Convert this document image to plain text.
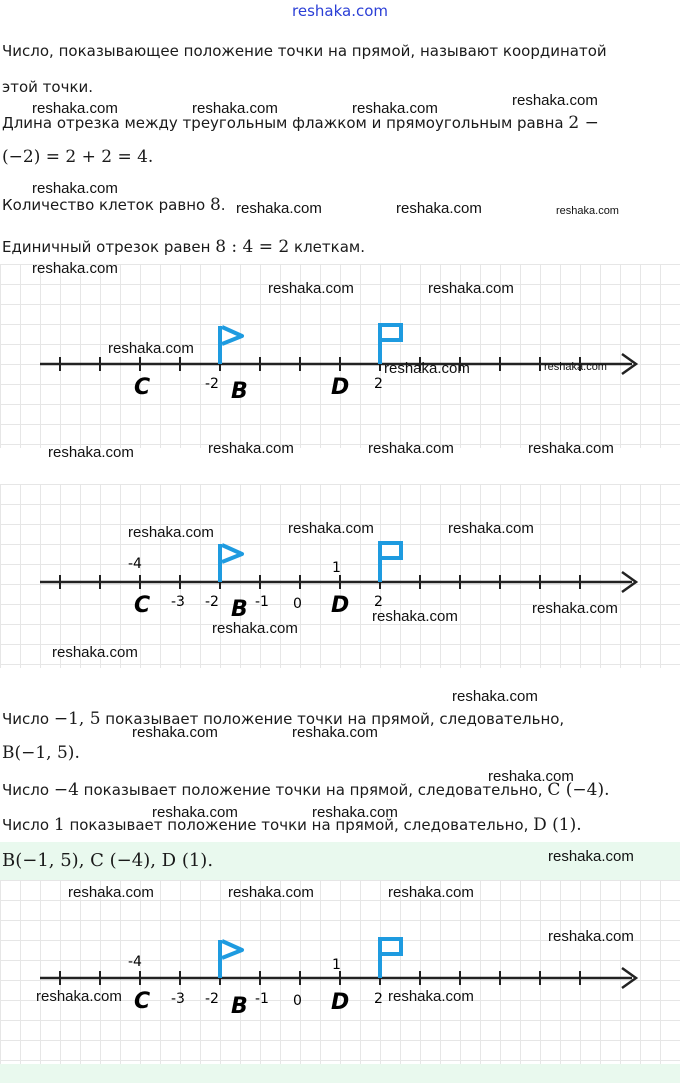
reshaka.com
Число, показывающее положение точки на прямой, называют координатой
этой точки.
Длина отрезка между треугольным флажком и прямоугольным равна 2 −
(−2) = 2 + 2 = 4.
Количество клеток равно 8.
Единичный отрезок равен 8 : 4 = 2 клеткам.
C	-2 B	D 2
-4	1
C -3 -2 B -1 0 D 2
Число −1, 5 показывает положение точки на прямой, следовательно,
B(−1, 5).
Число −4 показывает положение точки на прямой, следовательно, C (−4).
Число 1 показывает положение точки на прямой, следовательно, D (1).
B(−1, 5), C (−4), D (1).
-4	1
C -3 -2 B -1 0 D 2
reshaka.com	reshaka.com	reshaka.com	reshaka.com
reshaka.com
reshaka.com	reshaka.com	reshaka.com
reshaka.com
reshaka.com	reshaka.com
reshaka.com
reshaka.com	reshaka.com
reshaka.com	reshaka.com	reshaka.com	reshaka.com
reshaka.com	reshaka.com	reshaka.com
reshaka.com
reshaka.com
reshaka.com
reshaka.com
reshaka.com
reshaka.com	reshaka.com
reshaka.com
reshaka.com	reshaka.com
reshaka.com
reshaka.com	reshaka.com	reshaka.com
reshaka.com
reshaka.com	reshaka.com
